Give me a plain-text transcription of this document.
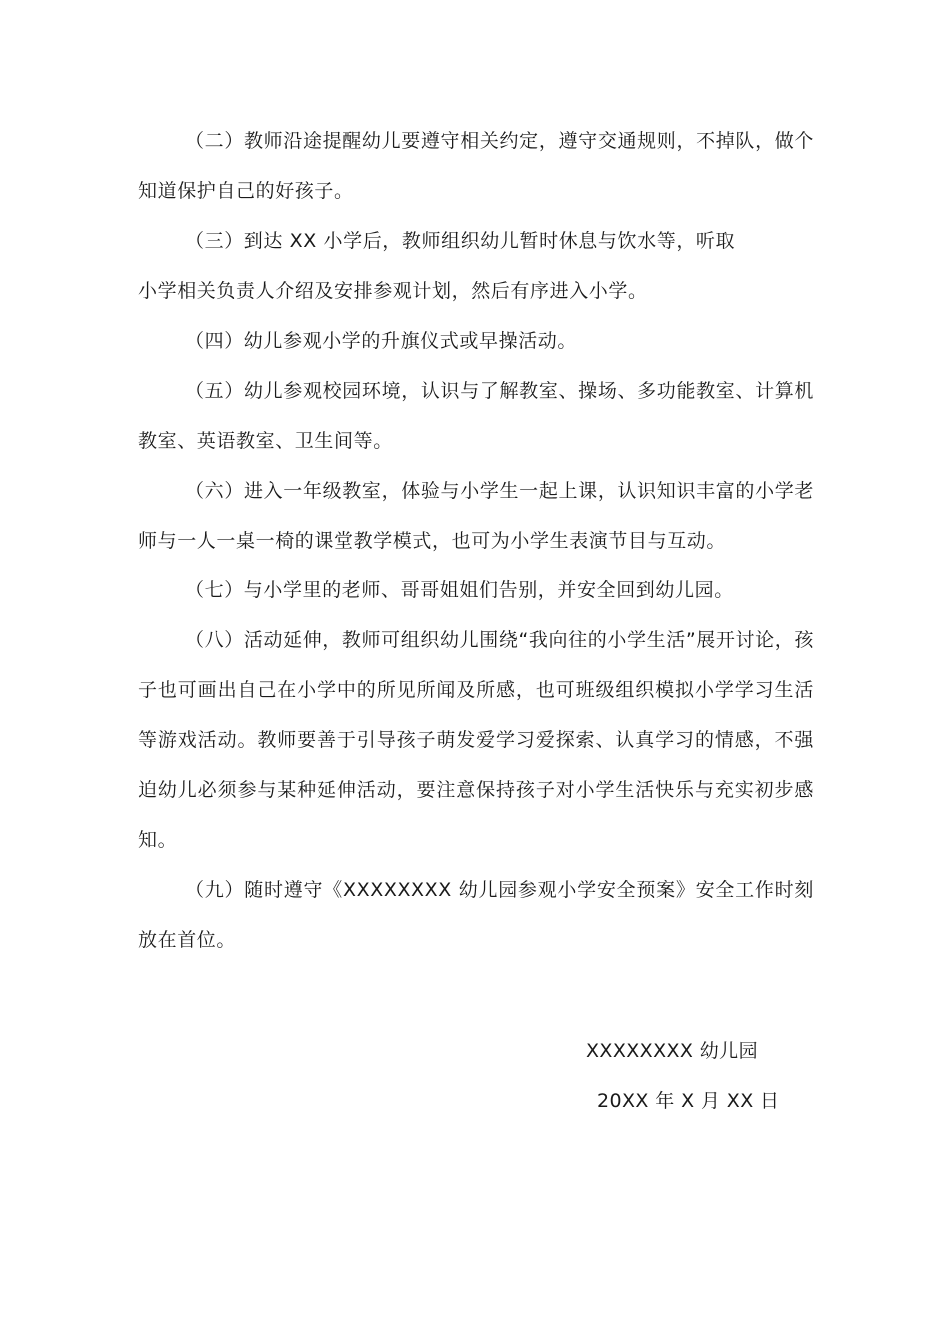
（二）教师沿途提醒幼儿要遵守相关约定，遵守交通规则，不掉队，做个知道保护自己的好孩子。

（三）到达 XX 小学后，教师组织幼儿暂时休息与饮水等，听取

小学相关负责人介绍及安排参观计划，然后有序进入小学。

（四）幼儿参观小学的升旗仪式或早操活动。

（五）幼儿参观校园环境，认识与了解教室、操场、多功能教室、计算机教室、英语教室、卫生间等。

（六）进入一年级教室，体验与小学生一起上课，认识知识丰富的小学老师与一人一桌一椅的课堂教学模式，也可为小学生表演节目与互动。

（七）与小学里的老师、哥哥姐姐们告别，并安全回到幼儿园。

（八）活动延伸，教师可组织幼儿围绕“我向往的小学生活”展开讨论，孩子也可画出自己在小学中的所见所闻及所感，也可班级组织模拟小学学习生活等游戏活动。教师要善于引导孩子萌发爱学习爱探索、认真学习的情感，不强迫幼儿必须参与某种延伸活动，要注意保持孩子对小学生活快乐与充实初步感知。

（九）随时遵守《XXXXXXXX 幼儿园参观小学安全预案》安全工作时刻放在首位。

XXXXXXXX 幼儿园

20XX 年 X 月 XX 日
